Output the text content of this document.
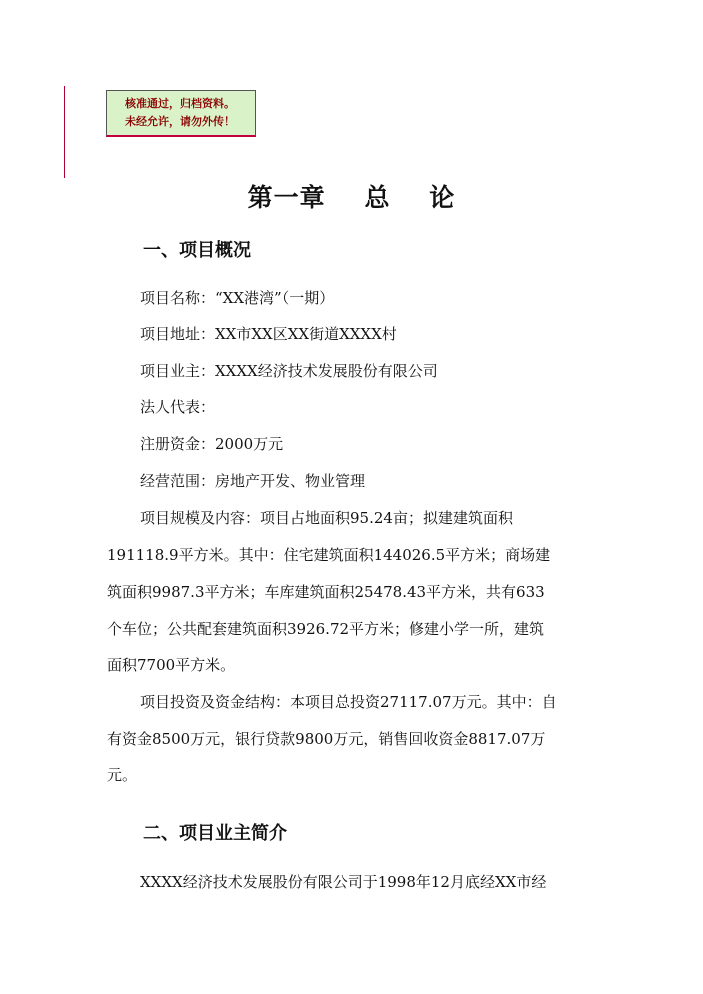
核准通过，归档资料。
未经允许，请勿外传！
第一章    总    论
一、项目概况
项目名称：“XX港湾”（一期）
项目地址：XX市XX区XX街道XXXX村
项目业主：XXXX经济技术发展股份有限公司
法人代表：
注册资金：2000万元
经营范围：房地产开发、物业管理
项目规模及内容：项目占地面积95.24亩；拟建建筑面积
191118.9平方米。其中：住宅建筑面积144026.5平方米；商场建
筑面积9987.3平方米；车库建筑面积25478.43平方米，共有633
个车位；公共配套建筑面积3926.72平方米；修建小学一所，建筑
面积7700平方米。
项目投资及资金结构：本项目总投资27117.07万元。其中：自
有资金8500万元，银行贷款9800万元，销售回收资金8817.07万
元。
二、项目业主简介
XXXX经济技术发展股份有限公司于1998年12月底经XX市经
